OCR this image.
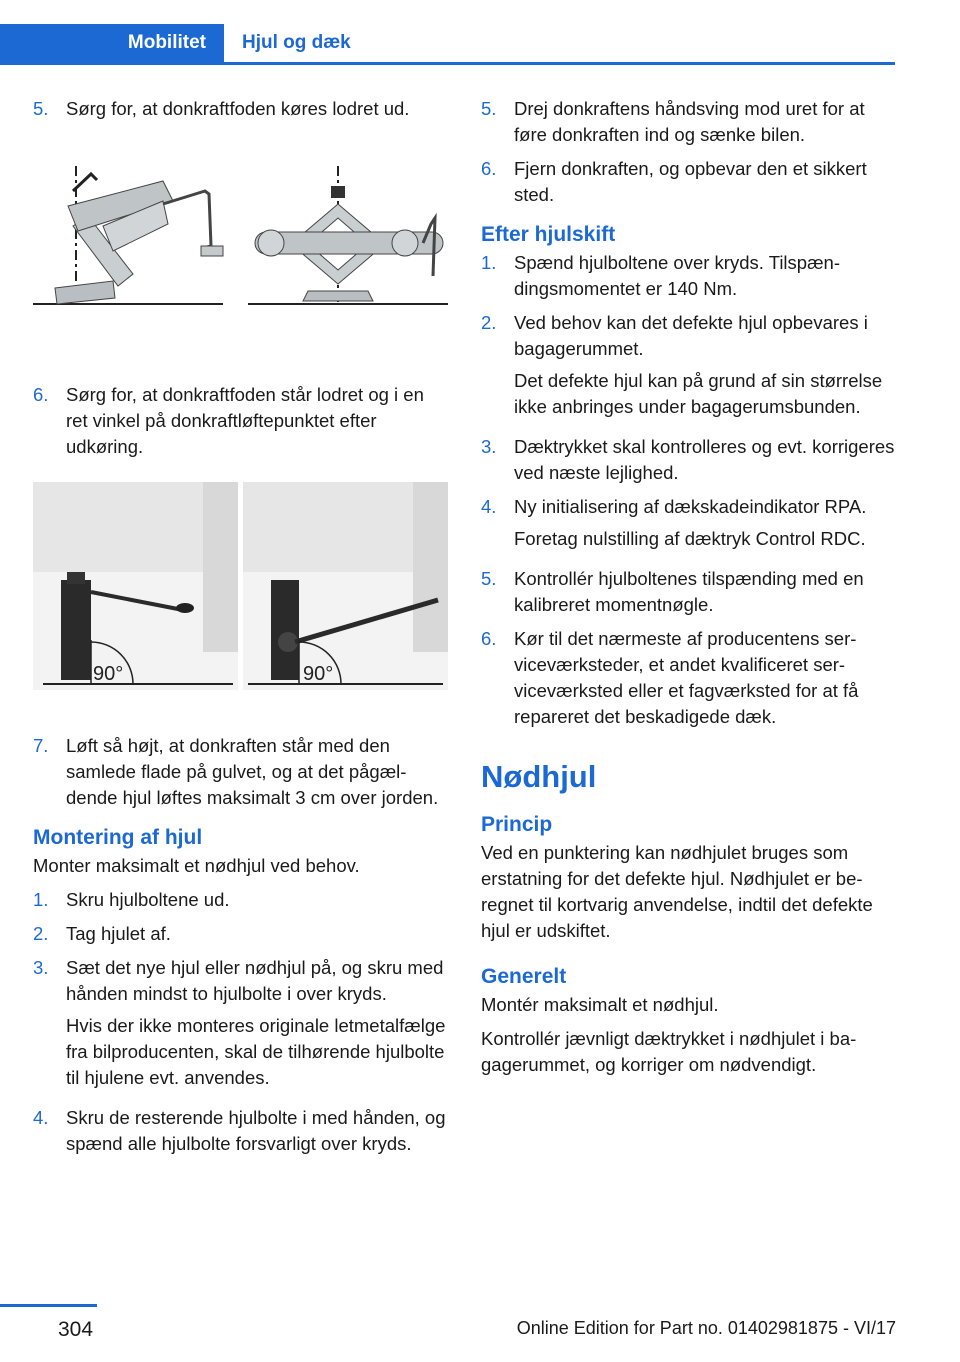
Mobilitet Hjul og dæk
5. Sørg for, at donkraftfoden køres lodret ud.
6. Sørg for, at donkraftfoden står lodret og i en ret vinkel på donkraftløftepunktet efter udkøring.
90°	90°
7. Løft så højt, at donkraften står med den samlede flade på gulvet, og at det pågældende hjul løftes maksimalt 3 cm over jorden.
Montering af hjul
Monter maksimalt et nødhjul ved behov.
1. Skru hjulboltene ud.
2. Tag hjulet af.
3. Sæt det nye hjul eller nødhjul på, og skru med hånden mindst to hjulbolte i over kryds.

Hvis der ikke monteres originale letmetalfælge fra bilproducenten, skal de tilhørende hjulbolte til hjulene evt. anvendes.

4. Skru de resterende hjulbolte i med hånden, og spænd alle hjulbolte forsvarligt over kryds.
5. Drej donkraftens håndsving mod uret for at føre donkraften ind og sænke bilen.
6. Fjern donkraften, og opbevar den et sikkert sted.
Efter hjulskift
1. Spænd hjulboltene over kryds. Tilspændingsmomentet er 140 Nm.
2. Ved behov kan det defekte hjul opbevares i bagagerummet.

Det defekte hjul kan på grund af sin størrelse ikke anbringes under bagagerumsbunden.

3. Dæktrykket skal kontrolleres og evt. korrigeres ved næste lejlighed.
4. Ny initialisering af dækskadeindikator RPA.

Foretag nulstilling af dæktryk Control RDC.

5. Kontrollér hjulboltenes tilspænding med en kalibreret momentnøgle.
6. Kør til det nærmeste af producentens serviceværksteder, et andet kvalificeret serviceværksted eller et fagværksted for at få repareret det beskadigede dæk.
Nødhjul
Princip
Ved en punktering kan nødhjulet bruges som erstatning for det defekte hjul. Nødhjulet er beregnet til kortvarig anvendelse, indtil det defekte hjul er udskiftet.
Generelt
Montér maksimalt et nødhjul.
Kontrollér jævnligt dæktrykket i nødhjulet i bagagerummet, og korriger om nødvendigt.
304	Online Edition for Part no. 01402981875 - VI/17
